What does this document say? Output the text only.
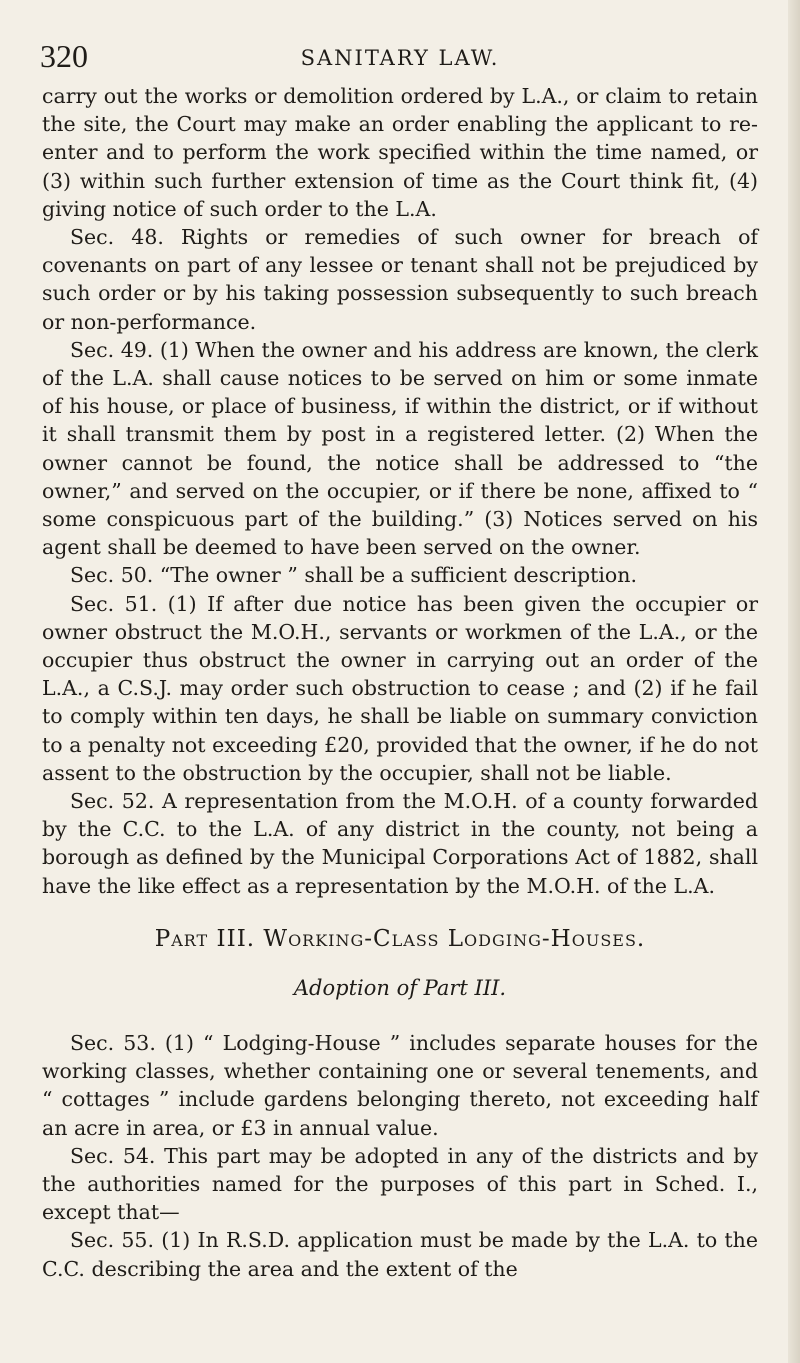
320	SANITARY LAW.

carry out the works or demolition ordered by L.A., or claim to retain the site, the Court may make an order enabling the applicant to re-enter and to perform the work specified within the time named, or (3) within such further extension of time as the Court think fit, (4) giving notice of such order to the L.A.

Sec. 48. Rights or remedies of such owner for breach of covenants on part of any lessee or tenant shall not be prejudiced by such order or by his taking possession subsequently to such breach or non-performance.

Sec. 49. (1) When the owner and his address are known, the clerk of the L.A. shall cause notices to be served on him or some inmate of his house, or place of business, if within the district, or if without it shall transmit them by post in a registered letter. (2) When the owner cannot be found, the notice shall be addressed to “the owner,” and served on the occupier, or if there be none, affixed to “ some conspicuous part of the building.” (3) Notices served on his agent shall be deemed to have been served on the owner.

Sec. 50. “The owner ” shall be a sufficient description.

Sec. 51. (1) If after due notice has been given the occupier or owner obstruct the M.O.H., servants or workmen of the L.A., or the occupier thus obstruct the owner in carrying out an order of the L.A., a C.S.J. may order such obstruction to cease ; and (2) if he fail to comply within ten days, he shall be liable on summary conviction to a penalty not exceeding £20, provided that the owner, if he do not assent to the obstruction by the occupier, shall not be liable.

Sec. 52. A representation from the M.O.H. of a county forwarded by the C.C. to the L.A. of any district in the county, not being a borough as defined by the Municipal Corporations Act of 1882, shall have the like effect as a representation by the M.O.H. of the L.A.

Part III. Working-Class Lodging-Houses.
Adoption of Part III.

Sec. 53. (1) “ Lodging-House ” includes separate houses for the working classes, whether containing one or several tenements, and “ cottages ” include gardens belonging thereto, not exceeding half an acre in area, or £3 in annual value.

Sec. 54. This part may be adopted in any of the districts and by the authorities named for the purposes of this part in Sched. I., except that—

Sec. 55. (1) In R.S.D. application must be made by the L.A. to the C.C. describing the area and the extent of the
